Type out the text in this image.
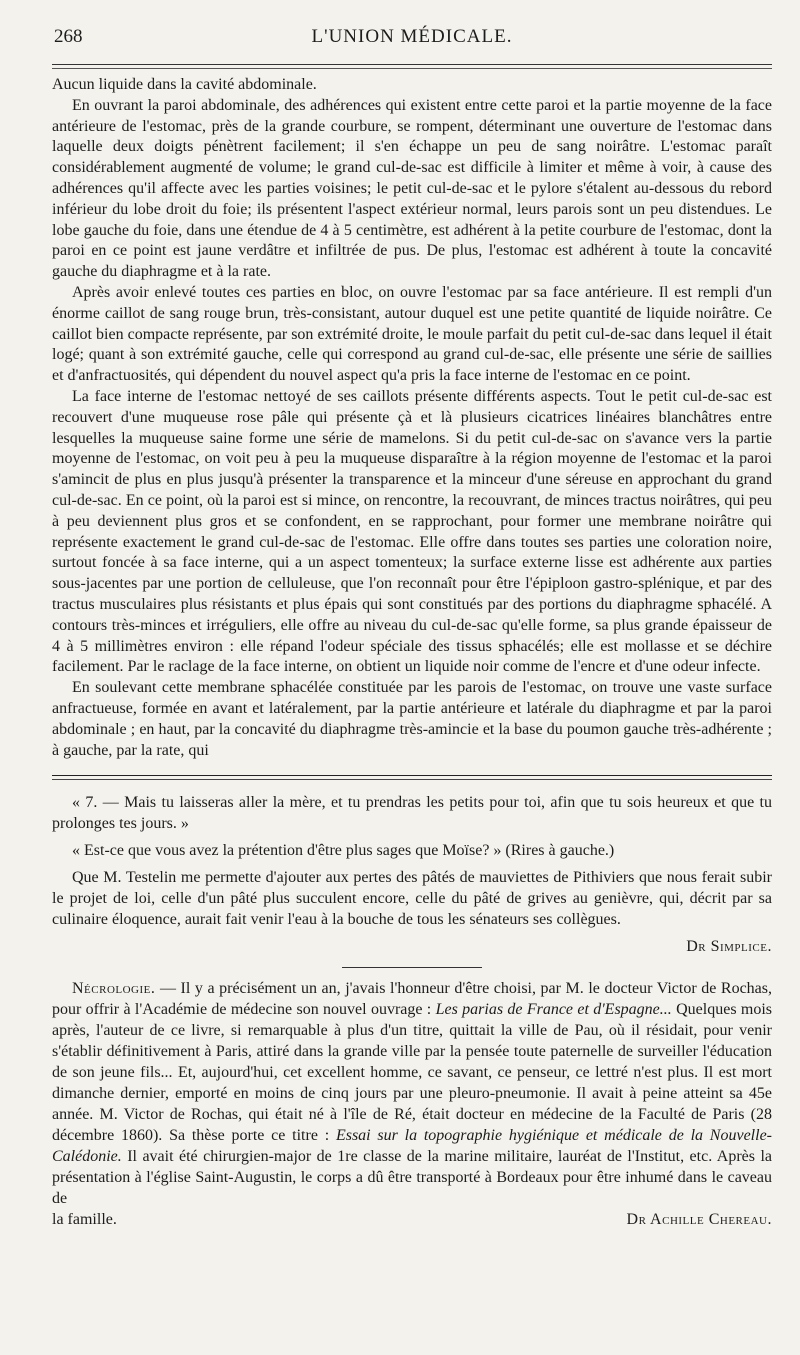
268	L'UNION MÉDICALE.

Aucun liquide dans la cavité abdominale.

En ouvrant la paroi abdominale, des adhérences qui existent entre cette paroi et la partie moyenne de la face antérieure de l'estomac, près de la grande courbure, se rompent, déterminant une ouverture de l'estomac dans laquelle deux doigts pénètrent facilement; il s'en échappe un peu de sang noirâtre. L'estomac paraît considérablement augmenté de volume; le grand cul-de-sac est difficile à limiter et même à voir, à cause des adhérences qu'il affecte avec les parties voisines; le petit cul-de-sac et le pylore s'étalent au-dessous du rebord inférieur du lobe droit du foie; ils présentent l'aspect extérieur normal, leurs parois sont un peu distendues. Le lobe gauche du foie, dans une étendue de 4 à 5 centimètre, est adhérent à la petite courbure de l'estomac, dont la paroi en ce point est jaune verdâtre et infiltrée de pus. De plus, l'estomac est adhérent à toute la concavité gauche du diaphragme et à la rate.

Après avoir enlevé toutes ces parties en bloc, on ouvre l'estomac par sa face antérieure. Il est rempli d'un énorme caillot de sang rouge brun, très-consistant, autour duquel est une petite quantité de liquide noirâtre. Ce caillot bien compacte représente, par son extrémité droite, le moule parfait du petit cul-de-sac dans lequel il était logé; quant à son extrémité gauche, celle qui correspond au grand cul-de-sac, elle présente une série de saillies et d'anfractuosités, qui dépendent du nouvel aspect qu'a pris la face interne de l'estomac en ce point.

La face interne de l'estomac nettoyé de ses caillots présente différents aspects. Tout le petit cul-de-sac est recouvert d'une muqueuse rose pâle qui présente çà et là plusieurs cicatrices linéaires blanchâtres entre lesquelles la muqueuse saine forme une série de mamelons. Si du petit cul-de-sac on s'avance vers la partie moyenne de l'estomac, on voit peu à peu la muqueuse disparaître à la région moyenne de l'estomac et la paroi s'amincit de plus en plus jusqu'à présenter la transparence et la minceur d'une séreuse en approchant du grand cul-de-sac. En ce point, où la paroi est si mince, on rencontre, la recouvrant, de minces tractus noirâtres, qui peu à peu deviennent plus gros et se confondent, en se rapprochant, pour former une membrane noirâtre qui représente exactement le grand cul-de-sac de l'estomac. Elle offre dans toutes ses parties une coloration noire, surtout foncée à sa face interne, qui a un aspect tomenteux; la surface externe lisse est adhérente aux parties sous-jacentes par une portion de celluleuse, que l'on reconnaît pour être l'épiploon gastro-splénique, et par des tractus musculaires plus résistants et plus épais qui sont constitués par des portions du diaphragme sphacélé. A contours très-minces et irréguliers, elle offre au niveau du cul-de-sac qu'elle forme, sa plus grande épaisseur de 4 à 5 millimètres environ : elle répand l'odeur spéciale des tissus sphacélés; elle est mollasse et se déchire facilement. Par le raclage de la face interne, on obtient un liquide noir comme de l'encre et d'une odeur infecte.

En soulevant cette membrane sphacélée constituée par les parois de l'estomac, on trouve une vaste surface anfractueuse, formée en avant et latéralement, par la partie antérieure et latérale du diaphragme et par la paroi abdominale ; en haut, par la concavité du diaphragme très-amincie et la base du poumon gauche très-adhérente ; à gauche, par la rate, qui

« 7. — Mais tu laisseras aller la mère, et tu prendras les petits pour toi, afin que tu sois heureux et que tu prolonges tes jours. »

« Est-ce que vous avez la prétention d'être plus sages que Moïse? » (Rires à gauche.)

Que M. Testelin me permette d'ajouter aux pertes des pâtés de mauviettes de Pithiviers que nous ferait subir le projet de loi, celle d'un pâté plus succulent encore, celle du pâté de grives au genièvre, qui, décrit par sa culinaire éloquence, aurait fait venir l'eau à la bouche de tous les sénateurs ses collègues.

Dr Simplice.
Nécrologie. — Il y a précisément un an, j'avais l'honneur d'être choisi, par M. le docteur Victor de Rochas, pour offrir à l'Académie de médecine son nouvel ouvrage : Les parias de France et d'Espagne... Quelques mois après, l'auteur de ce livre, si remarquable à plus d'un titre, quittait la ville de Pau, où il résidait, pour venir s'établir définitivement à Paris, attiré dans la grande ville par la pensée toute paternelle de surveiller l'éducation de son jeune fils... Et, aujourd'hui, cet excellent homme, ce savant, ce penseur, ce lettré n'est plus. Il est mort dimanche dernier, emporté en moins de cinq jours par une pleuro-pneumonie. Il avait à peine atteint sa 45e année. M. Victor de Rochas, qui était né à l'île de Ré, était docteur en médecine de la Faculté de Paris (28 décembre 1860). Sa thèse porte ce titre : Essai sur la topographie hygiénique et médicale de la Nouvelle-Calédonie. Il avait été chirurgien-major de 1re classe de la marine militaire, lauréat de l'Institut, etc. Après la présentation à l'église Saint-Augustin, le corps a dû être transporté à Bordeaux pour être inhumé dans le caveau de
la famille.	Dr Achille Chereau.
